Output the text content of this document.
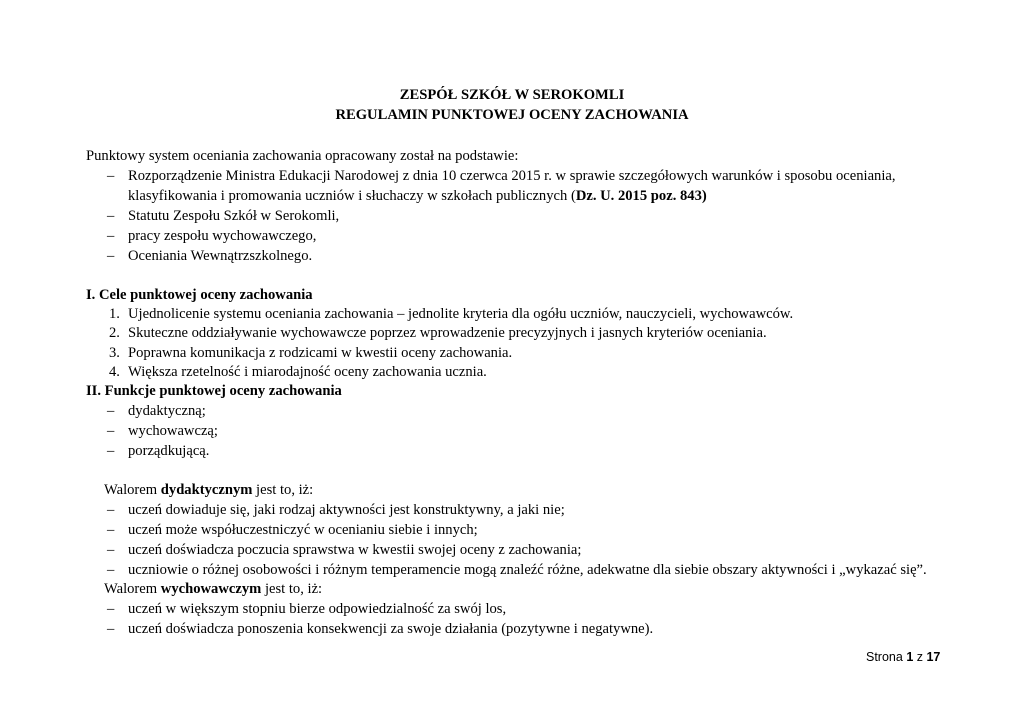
ZESPÓŁ SZKÓŁ W SEROKOMLI
REGULAMIN PUNKTOWEJ OCENY ZACHOWANIA
Punktowy system oceniania zachowania opracowany został na podstawie:
– Rozporządzenie Ministra Edukacji Narodowej z dnia 10 czerwca 2015 r. w sprawie szczegółowych warunków i sposobu oceniania,
klasyfikowania i promowania uczniów i słuchaczy w szkołach publicznych (Dz. U. 2015 poz. 843)
– Statutu Zespołu Szkół w Serokomli,
– pracy zespołu wychowawczego,
– Oceniania Wewnątrzszkolnego.
I. Cele punktowej oceny zachowania
1. Ujednolicenie systemu oceniania zachowania – jednolite kryteria dla ogółu uczniów, nauczycieli, wychowawców.
2. Skuteczne oddziaływanie wychowawcze poprzez wprowadzenie precyzyjnych i jasnych kryteriów oceniania.
3. Poprawna komunikacja z rodzicami w kwestii oceny zachowania.
4. Większa rzetelność i miarodajność oceny zachowania ucznia.
II. Funkcje punktowej oceny zachowania
– dydaktyczną;
– wychowawczą;
– porządkującą.
Walorem dydaktycznym jest to, iż:
– uczeń dowiaduje się, jaki rodzaj aktywności jest konstruktywny, a jaki nie;
– uczeń może współuczestniczyć w ocenianiu siebie i innych;
– uczeń doświadcza poczucia sprawstwa w kwestii swojej oceny z zachowania;
– uczniowie o różnej osobowości i różnym temperamencie mogą znaleźć różne, adekwatne dla siebie obszary aktywności i „wykazać się”.
Walorem wychowawczym jest to, iż:
– uczeń w większym stopniu bierze odpowiedzialność za swój los,
– uczeń doświadcza ponoszenia konsekwencji za swoje działania (pozytywne i negatywne).
Strona 1 z 17
